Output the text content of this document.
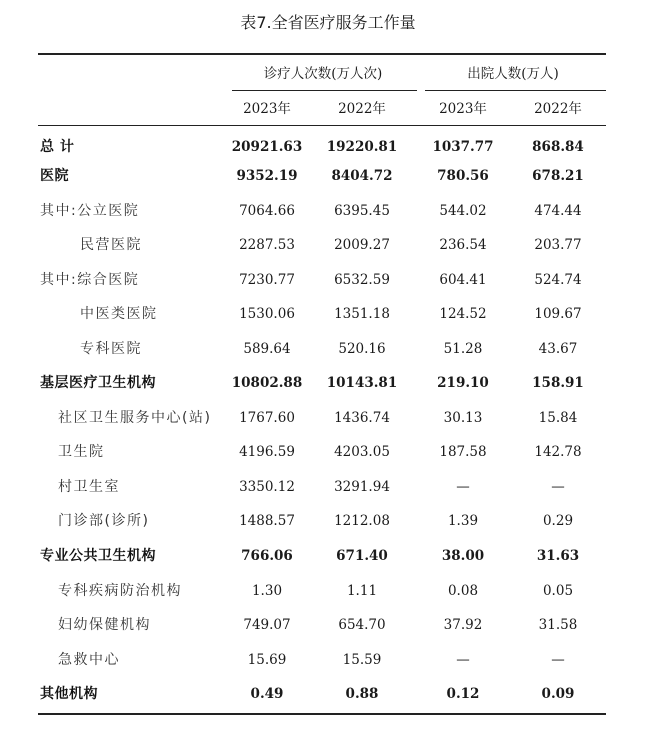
表7.全省医疗服务工作量
诊疗人次数(万人次)	出院人数(万人)
2023年	2022年	2023年	2022年
总 计	20921.63	19220.81	1037.77	868.84
医院	9352.19	8404.72	780.56	678.21
其中:公立医院	7064.66	6395.45	544.02	474.44
民营医院	2287.53	2009.27	236.54	203.77
其中:综合医院	7230.77	6532.59	604.41	524.74
中医类医院	1530.06	1351.18	124.52	109.67
专科医院	589.64	520.16	51.28	43.67
基层医疗卫生机构	10802.88	10143.81	219.10	158.91
社区卫生服务中心(站)	1767.60	1436.74	30.13	15.84
卫生院	4196.59	4203.05	187.58	142.78
村卫生室	3350.12	3291.94	—	—
门诊部(诊所)	1488.57	1212.08	1.39	0.29
专业公共卫生机构	766.06	671.40	38.00	31.63
专科疾病防治机构	1.30	1.11	0.08	0.05
妇幼保健机构	749.07	654.70	37.92	31.58
急救中心	15.69	15.59	—	—
其他机构	0.49	0.88	0.12	0.09
